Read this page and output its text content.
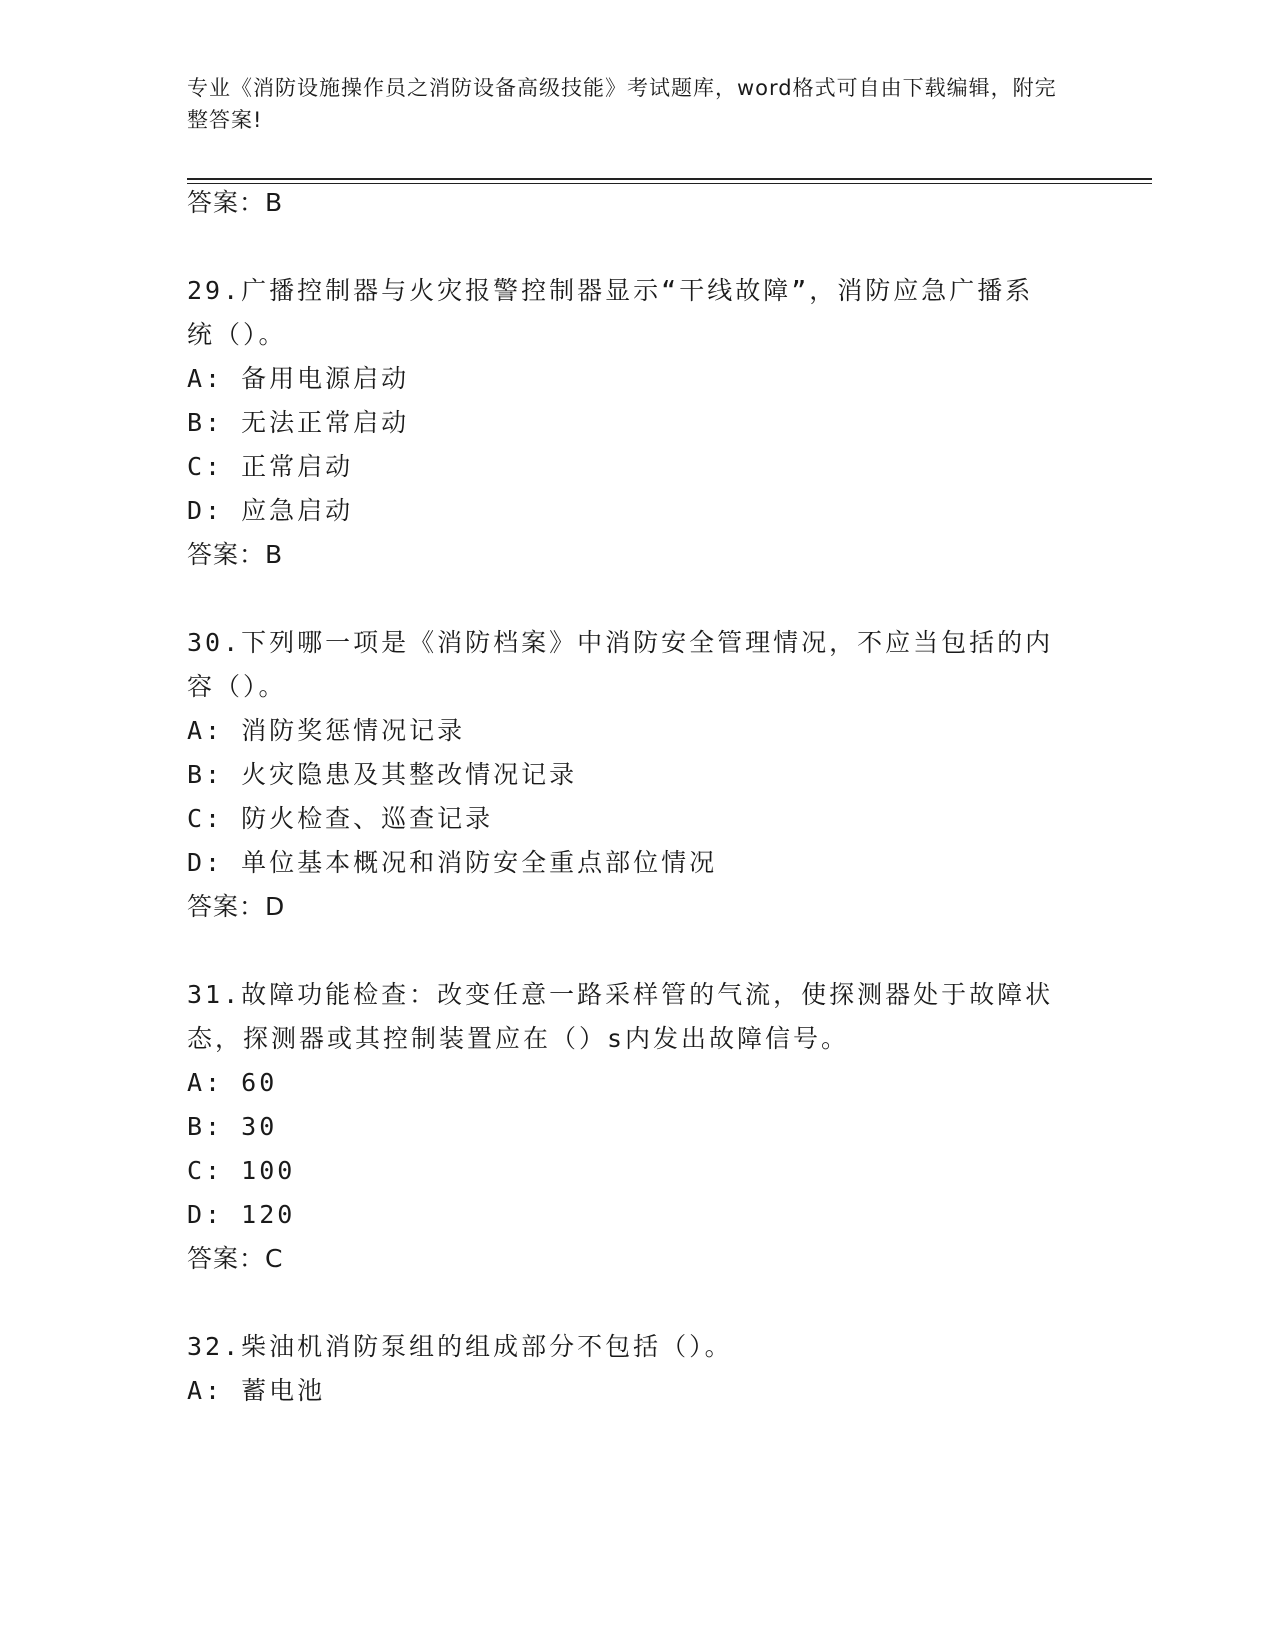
专业《消防设施操作员之消防设备高级技能》考试题库，word格式可自由下载编辑，附完整答案!
答案：B
29.广播控制器与火灾报警控制器显示“干线故障”，消防应急广播系
统（）。
A: 备用电源启动
B: 无法正常启动
C: 正常启动
D: 应急启动
答案：B
30.下列哪一项是《消防档案》中消防安全管理情况，不应当包括的内
容（）。
A: 消防奖惩情况记录
B: 火灾隐患及其整改情况记录
C: 防火检查、巡查记录
D: 单位基本概况和消防安全重点部位情况
答案：D
31.故障功能检查：改变任意一路采样管的气流，使探测器处于故障状
态，探测器或其控制装置应在（）s内发出故障信号。
A: 60
B: 30
C: 100
D: 120
答案：C
32.柴油机消防泵组的组成部分不包括（）。
A: 蓄电池
